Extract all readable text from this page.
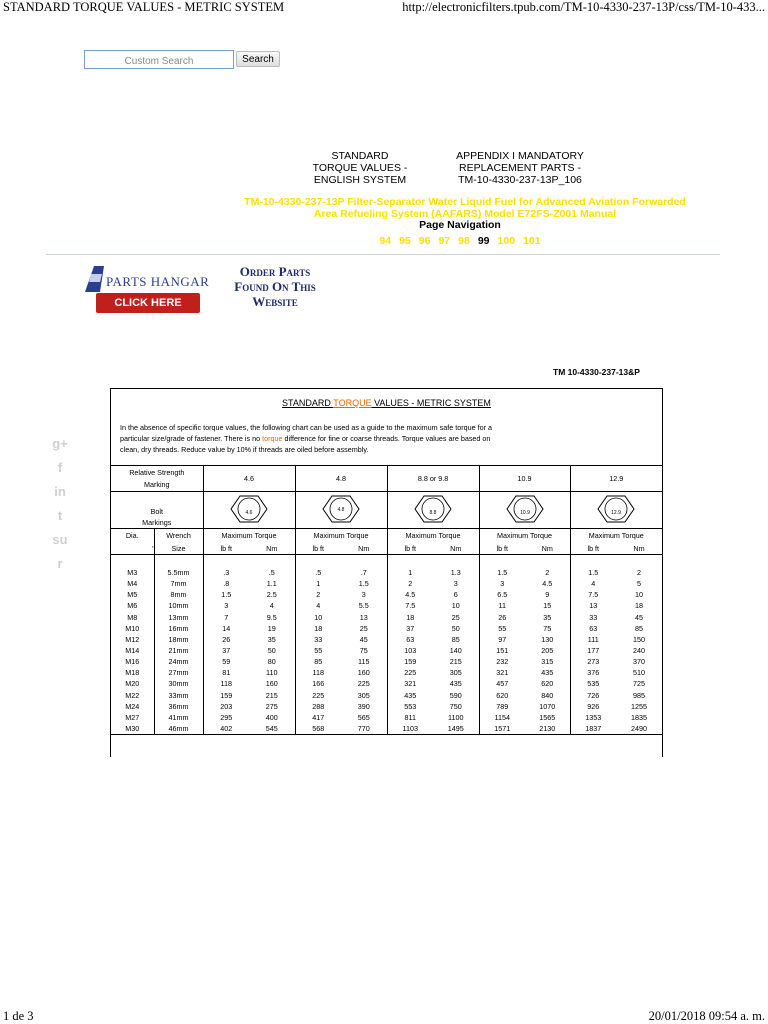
STANDARD TORQUE VALUES - METRIC SYSTEM	http://electronicfilters.tpub.com/TM-10-4330-237-13P/css/TM-10-433...
Custom Search
Search
STANDARD
TORQUE VALUES -
ENGLISH SYSTEM
APPENDIX I MANDATORY
REPLACEMENT PARTS -
TM-10-4330-237-13P_106
TM-10-4330-237-13P Filter-Separator Water Liquid Fuel for Advanced Aviation Forwarded
Area Refueling System (AAFARS) Model E72FS-Z001 Manual
Page Navigation
94 95 96 97 98 99 100 101
PARTS HANGAR
CLICK HERE
Order Parts
Found On This
Website
g+
f
in
t
su
r
TM 10-4330-237-13&P
STANDARD TORQUE VALUES - METRIC SYSTEM
In the absence of specific torque values, the following chart can be used as a guide to the maximum safe torque for a
particular size/grade of fastener. There is no torque difference for fine or coarse threads. Torque values are based on
clean, dry threads. Reduce value by 10% if threads are oiled before assembly.
Relative Strength
Marking		4.6		4.8		8.8 or 9.8		10.9		12.9	

Bolt
Markings		4.6		4.8		8.8		10.9		12.9	

Dia.	Wrench	Maximum Torque		Maximum Torque		Maximum Torque		Maximum Torque		Maximum Torque	
'	Size	lb ft	Nm	lb ft	Nm	lb ft	Nm	lb ft	Nm	lb ft	Nm

M3	5.5mm	.3	.5	.5	.7	1	1.3	1.5	2	1.5	2
M4	7mm	.8	1.1	1	1.5	2	3	3	4.5	4	5
M5	8mm	1.5	2.5	2	3	4.5	6	6.5	9	7.5	10
M6	10mm	3	4	4	5.5	7.5	10	11	15	13	18
M8	13mm	7	9.5	10	13	18	25	26	35	33	45
M10	16mm	14	19	18	25	37	50	55	75	63	85
M12	18mm	26	35	33	45	63	85	97	130	111	150
M14	21mm	37	50	55	75	103	140	151	205	177	240
M16	24mm	59	80	85	115	159	215	232	315	273	370
M18	27mm	81	110	118	160	225	305	321	435	376	510
M20	30mm	118	160	166	225	321	435	457	620	535	725
M22	33mm	159	215	225	305	435	590	620	840	726	985
M24	36mm	203	275	288	390	553	750	789	1070	926	1255
M27	41mm	295	400	417	565	811	1100	1154	1565	1353	1835
M30	46mm	402	545	568	770	1103	1495	1571	2130	1837	2490
1 de 3	20/01/2018 09:54 a. m.
